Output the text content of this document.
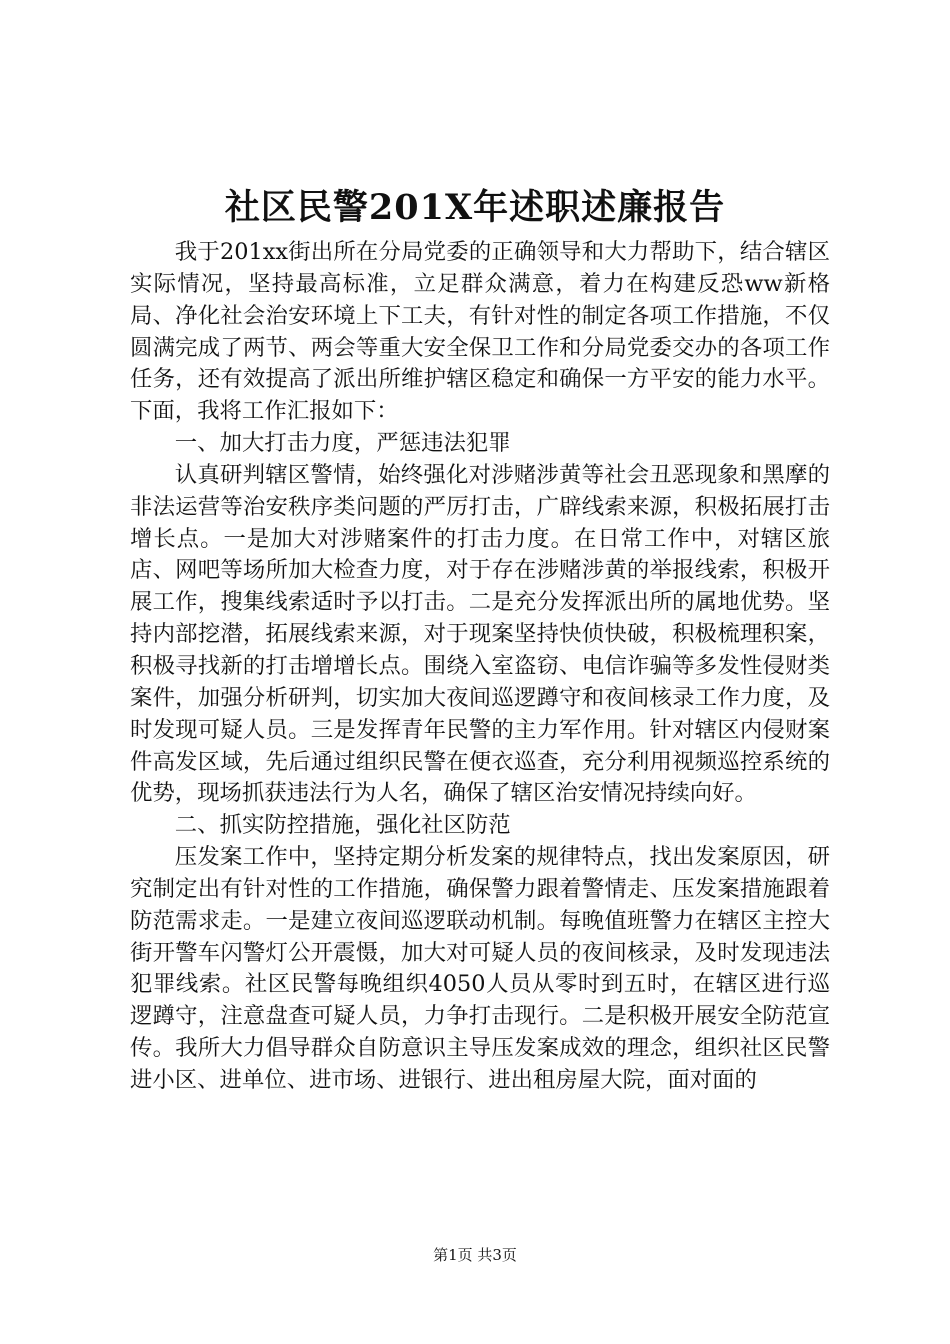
社区民警201X年述职述廉报告

我于201xx街出所在分局党委的正确领导和大力帮助下，结合辖区实际情况，坚持最高标准，立足群众满意，着力在构建反恐ww新格局、净化社会治安环境上下工夫，有针对性的制定各项工作措施，不仅圆满完成了两节、两会等重大安全保卫工作和分局党委交办的各项工作任务，还有效提高了派出所维护辖区稳定和确保一方平安的能力水平。下面，我将工作汇报如下：

一、加大打击力度，严惩违法犯罪

认真研判辖区警情，始终强化对涉赌涉黄等社会丑恶现象和黑摩的非法运营等治安秩序类问题的严厉打击，广辟线索来源，积极拓展打击增长点。一是加大对涉赌案件的打击力度。在日常工作中，对辖区旅店、网吧等场所加大检查力度，对于存在涉赌涉黄的举报线索，积极开展工作，搜集线索适时予以打击。二是充分发挥派出所的属地优势。坚持内部挖潜，拓展线索来源，对于现案坚持快侦快破，积极梳理积案，积极寻找新的打击增增长点。围绕入室盗窃、电信诈骗等多发性侵财类案件，加强分析研判，切实加大夜间巡逻蹲守和夜间核录工作力度，及时发现可疑人员。三是发挥青年民警的主力军作用。针对辖区内侵财案件高发区域，先后通过组织民警在便衣巡查，充分利用视频巡控系统的优势，现场抓获违法行为人名，确保了辖区治安情况持续向好。

二、抓实防控措施，强化社区防范

压发案工作中，坚持定期分析发案的规律特点，找出发案原因，研究制定出有针对性的工作措施，确保警力跟着警情走、压发案措施跟着防范需求走。一是建立夜间巡逻联动机制。每晚值班警力在辖区主控大街开警车闪警灯公开震慑，加大对可疑人员的夜间核录，及时发现违法犯罪线索。社区民警每晚组织4050人员从零时到五时，在辖区进行巡逻蹲守，注意盘查可疑人员，力争打击现行。二是积极开展安全防范宣传。我所大力倡导群众自防意识主导压发案成效的理念，组织社区民警进小区、进单位、进市场、进银行、进出租房屋大院，面对面的

第1页 共3页
